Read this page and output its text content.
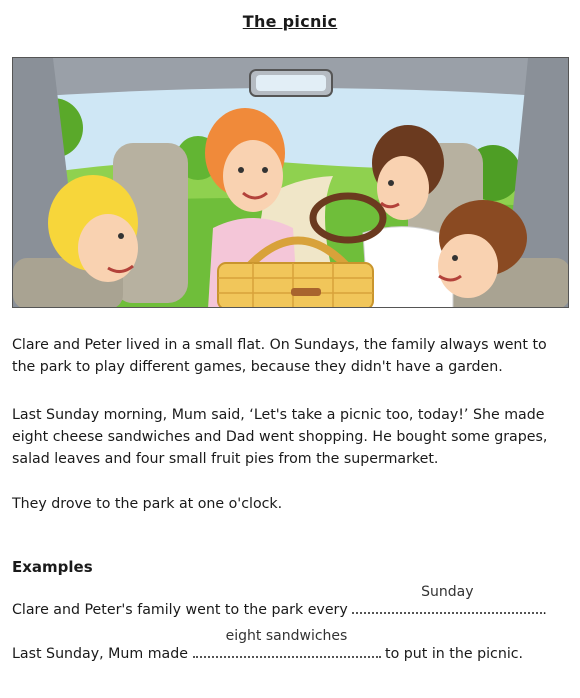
The picnic
Clare and Peter lived in a small flat. On Sundays, the family always went to the park to play different games, because they didn't have a garden.
Last Sunday morning, Mum said, ‘Let's take a picnic too, today!’ She made eight cheese sandwiches and Dad went shopping. He bought some grapes, salad leaves and four small fruit pies from the supermarket.
They drove to the park at one o'clock.
Examples
Clare and Peter's family went to the park every
Sunday
.
Last Sunday, Mum made
eight sandwiches
to put in the picnic.
